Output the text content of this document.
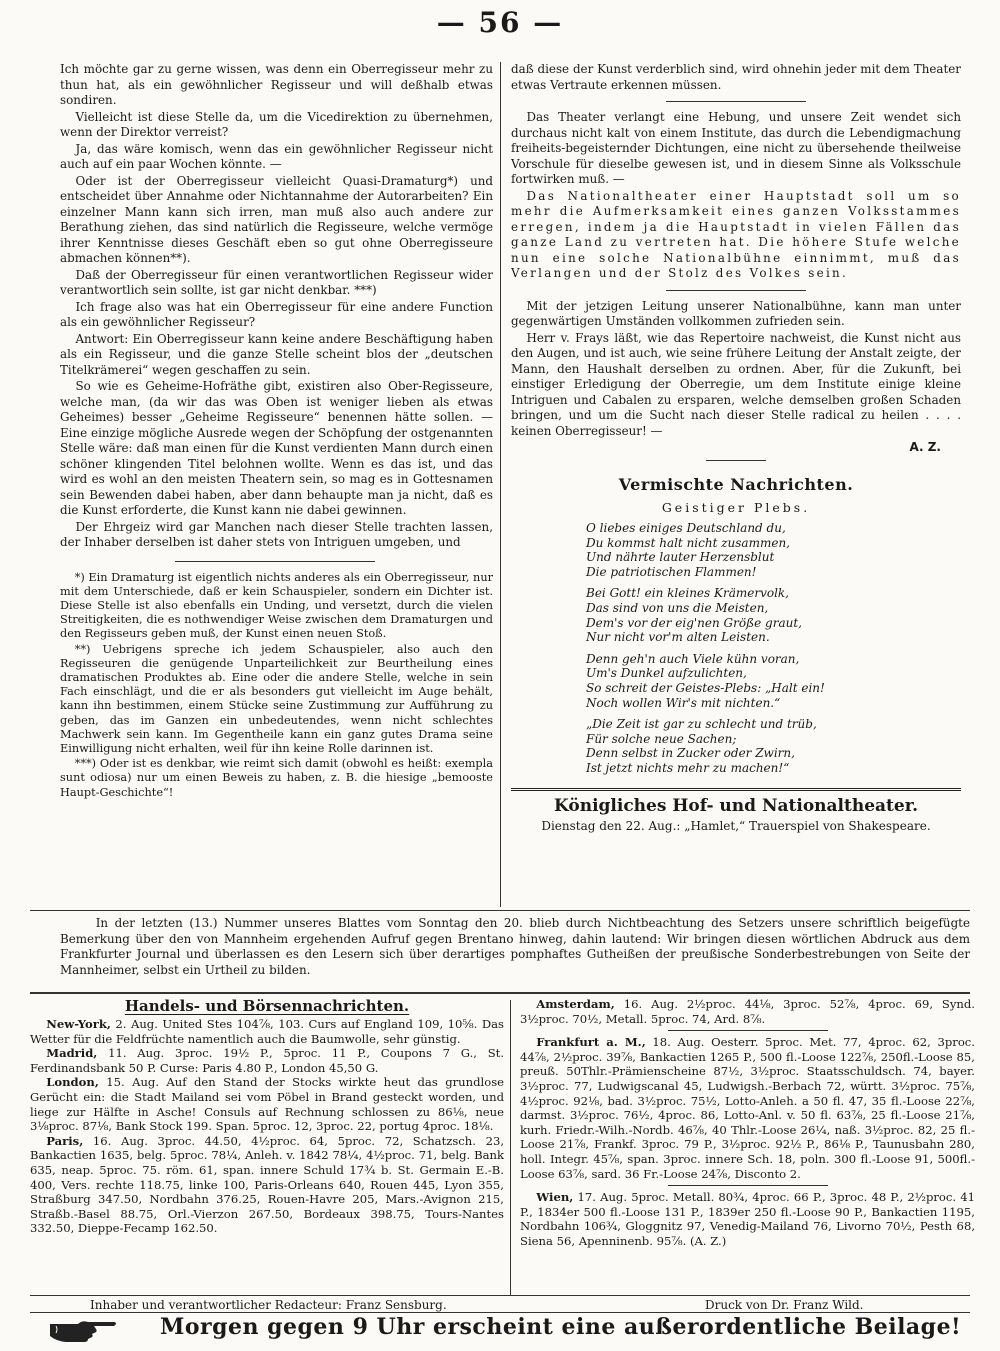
— 56 —

Ich möchte gar zu gerne wissen, was denn ein Oberregisseur mehr zu thun hat, als ein gewöhnlicher Regisseur und will deßhalb etwas sondiren.

Vielleicht ist diese Stelle da, um die Vicedirektion zu übernehmen, wenn der Direktor verreist?

Ja, das wäre komisch, wenn das ein gewöhnlicher Regisseur nicht auch auf ein paar Wochen könnte. —

Oder ist der Oberregisseur vielleicht Quasi-Dramaturg*) und entscheidet über Annahme oder Nichtannahme der Autorarbeiten? Ein einzelner Mann kann sich irren, man muß also auch andere zur Berathung ziehen, das sind natürlich die Regisseure, welche vermöge ihrer Kenntnisse dieses Geschäft eben so gut ohne Oberregisseure abmachen können**).

Daß der Oberregisseur für einen verantwortlichen Regisseur wider verantwortlich sein sollte, ist gar nicht denkbar. ***)

Ich frage also was hat ein Oberregisseur für eine andere Function als ein gewöhnlicher Regisseur?

Antwort: Ein Oberregisseur kann keine andere Beschäftigung haben als ein Regisseur, und die ganze Stelle scheint blos der „deutschen Titelkrämerei“ wegen geschaffen zu sein.

So wie es Geheime-Hofräthe gibt, existiren also Ober-Regisseure, welche man, (da wir das was Oben ist weniger lieben als etwas Geheimes) besser „Geheime Regisseure“ benennen hätte sollen. — Eine einzige mögliche Ausrede wegen der Schöpfung der ostgenannten Stelle wäre: daß man einen für die Kunst verdienten Mann durch einen schöner klingenden Titel belohnen wollte. Wenn es das ist, und das wird es wohl an den meisten Theatern sein, so mag es in Gottesnamen sein Bewenden dabei haben, aber dann behaupte man ja nicht, daß es die Kunst erforderte, die Kunst kann nie dabei gewinnen.

Der Ehrgeiz wird gar Manchen nach dieser Stelle trachten lassen, der Inhaber derselben ist daher stets von Intriguen umgeben, und

*) Ein Dramaturg ist eigentlich nichts anderes als ein Oberregisseur, nur mit dem Unterschiede, daß er kein Schauspieler, sondern ein Dichter ist. Diese Stelle ist also ebenfalls ein Unding, und versetzt, durch die vielen Streitigkeiten, die es nothwendiger Weise zwischen dem Dramaturgen und den Regisseurs geben muß, der Kunst einen neuen Stoß.

**) Uebrigens spreche ich jedem Schauspieler, also auch den Regisseuren die genügende Unparteilichkeit zur Beurtheilung eines dramatischen Produktes ab. Eine oder die andere Stelle, welche in sein Fach einschlägt, und die er als besonders gut vielleicht im Auge behält, kann ihn bestimmen, einem Stücke seine Zustimmung zur Aufführung zu geben, das im Ganzen ein unbedeutendes, wenn nicht schlechtes Machwerk sein kann. Im Gegentheile kann ein ganz gutes Drama seine Einwilligung nicht erhalten, weil für ihn keine Rolle darinnen ist.

***) Oder ist es denkbar, wie reimt sich damit (obwohl es heißt: exempla sunt odiosa) nur um einen Beweis zu haben, z. B. die hiesige „bemooste Haupt-Geschichte“!

daß diese der Kunst verderblich sind, wird ohnehin jeder mit dem Theater etwas Vertraute erkennen müssen.

Das Theater verlangt eine Hebung, und unsere Zeit wendet sich durchaus nicht kalt von einem Institute, das durch die Lebendigmachung freiheits-begeisternder Dichtungen, eine nicht zu übersehende theilweise Vorschule für dieselbe gewesen ist, und in diesem Sinne als Volksschule fortwirken muß. —

Das Nationaltheater einer Hauptstadt soll um so mehr die Aufmerksamkeit eines ganzen Volksstammes erregen, indem ja die Hauptstadt in vielen Fällen das ganze Land zu vertreten hat. Die höhere Stufe welche nun eine solche Nationalbühne einnimmt, muß das Verlangen und der Stolz des Volkes sein.

Mit der jetzigen Leitung unserer Nationalbühne, kann man unter gegenwärtigen Umständen vollkommen zufrieden sein.

Herr v. Frays läßt, wie das Repertoire nachweist, die Kunst nicht aus den Augen, und ist auch, wie seine frühere Leitung der Anstalt zeigte, der Mann, den Haushalt derselben zu ordnen. Aber, für die Zukunft, bei einstiger Erledigung der Oberregie, um dem Institute einige kleine Intriguen und Cabalen zu ersparen, welche demselben großen Schaden bringen, und um die Sucht nach dieser Stelle radical zu heilen . . . . keinen Oberregisseur! —

A. Z.
Vermischte Nachrichten.
Geistiger Plebs.
O liebes einiges Deutschland du,
Du kommst halt nicht zusammen,
Und nährte lauter Herzensblut
Die patriotischen Flammen!
Bei Gott! ein kleines Krämervolk,
Das sind von uns die Meisten,
Dem's vor der eig'nen Größe graut,
Nur nicht vor'm alten Leisten.
Denn geh'n auch Viele kühn voran,
Um's Dunkel aufzulichten,
So schreit der Geistes-Plebs: „Halt ein!
Noch wollen Wir's mit nichten.“
„Die Zeit ist gar zu schlecht und trüb,
Für solche neue Sachen;
Denn selbst in Zucker oder Zwirn,
Ist jetzt nichts mehr zu machen!“
Königliches Hof- und Nationaltheater.
Dienstag den 22. Aug.: „Hamlet,“ Trauerspiel von Shakespeare.

In der letzten (13.) Nummer unseres Blattes vom Sonntag den 20. blieb durch Nichtbeachtung des Setzers unsere schriftlich beigefügte Bemerkung über den von Mannheim ergehenden Aufruf gegen Brentano hinweg, dahin lautend: Wir bringen diesen wörtlichen Abdruck aus dem Frankfurter Journal und überlassen es den Lesern sich über derartiges pomphaftes Gutheißen der preußische Sonderbestrebungen von Seite der Mannheimer, selbst ein Urtheil zu bilden.

Handels- und Börsennachrichten.

New-York, 2. Aug. United Stes 104⅞, 103. Curs auf England 109, 10⅝. Das Wetter für die Feldfrüchte namentlich auch die Baumwolle, sehr günstig.

Madrid, 11. Aug. 3proc. 19½ P., 5proc. 11 P., Coupons 7 G., St. Ferdinandsbank 50 P. Curse: Paris 4.80 P., London 45,50 G.

London, 15. Aug. Auf den Stand der Stocks wirkte heut das grundlose Gerücht ein: die Stadt Mailand sei vom Pöbel in Brand gesteckt worden, und liege zur Hälfte in Asche! Consuls auf Rechnung schlossen zu 86⅛, neue 3⅛proc. 87⅛, Bank Stock 199. Span. 5proc. 12, 3proc. 22, portug 4proc. 18⅛.

Paris, 16. Aug. 3proc. 44.50, 4½proc. 64, 5proc. 72, Schatzsch. 23, Bankactien 1635, belg. 5proc. 78¼, Anleh. v. 1842 78¼, 4½proc. 71, belg. Bank 635, neap. 5proc. 75. röm. 61, span. innere Schuld 17¾ b. St. Germain E.-B. 400, Vers. rechte 118.75, linke 100, Paris-Orleans 640, Rouen 445, Lyon 355, Straßburg 347.50, Nordbahn 376.25, Rouen-Havre 205, Mars.-Avignon 215, Straßb.-Basel 88.75, Orl.-Vierzon 267.50, Bordeaux 398.75, Tours-Nantes 332.50, Dieppe-Fecamp 162.50.

Amsterdam, 16. Aug. 2½proc. 44⅛, 3proc. 52⅞, 4proc. 69, Synd. 3½proc. 70½, Metall. 5proc. 74, Ard. 8⅞.

Frankfurt a. M., 18. Aug. Oesterr. 5proc. Met. 77, 4proc. 62, 3proc. 44⅞, 2½proc. 39⅞, Bankactien 1265 P., 500 fl.-Loose 122⅞, 250fl.-Loose 85, preuß. 50Thlr.-Prämienscheine 87½, 3½proc. Staatsschuldsch. 74, bayer. 3½proc. 77, Ludwigscanal 45, Ludwigsh.-Berbach 72, württ. 3½proc. 75⅞, 4½proc. 92⅛, bad. 3½proc. 75½, Lotto-Anleh. a 50 fl. 47, 35 fl.-Loose 22⅞, darmst. 3½proc. 76½, 4proc. 86, Lotto-Anl. v. 50 fl. 63⅞, 25 fl.-Loose 21⅞, kurh. Friedr.-Wilh.-Nordb. 46⅞, 40 Thlr.-Loose 26¼, naß. 3½proc. 82, 25 fl.-Loose 21⅞, Frankf. 3proc. 79 P., 3½proc. 92½ P., 86⅛ P., Taunusbahn 280, holl. Integr. 45⅞, span. 3proc. innere Sch. 18, poln. 300 fl.-Loose 91, 500fl.-Loose 63⅞, sard. 36 Fr.-Loose 24⅞, Disconto 2.

Wien, 17. Aug. 5proc. Metall. 80¾, 4proc. 66 P., 3proc. 48 P., 2½proc. 41 P., 1834er 500 fl.-Loose 131 P., 1839er 250 fl.-Loose 90 P., Bankactien 1195, Nordbahn 106¾, Gloggnitz 97, Venedig-Mailand 76, Livorno 70½, Pesth 68, Siena 56, Apenninenb. 95⅞. (A. Z.)

Inhaber und verantwortlicher Redacteur: Franz Sensburg.	Druck von Dr. Franz Wild.
Morgen gegen 9 Uhr erscheint eine außerordentliche Beilage!
